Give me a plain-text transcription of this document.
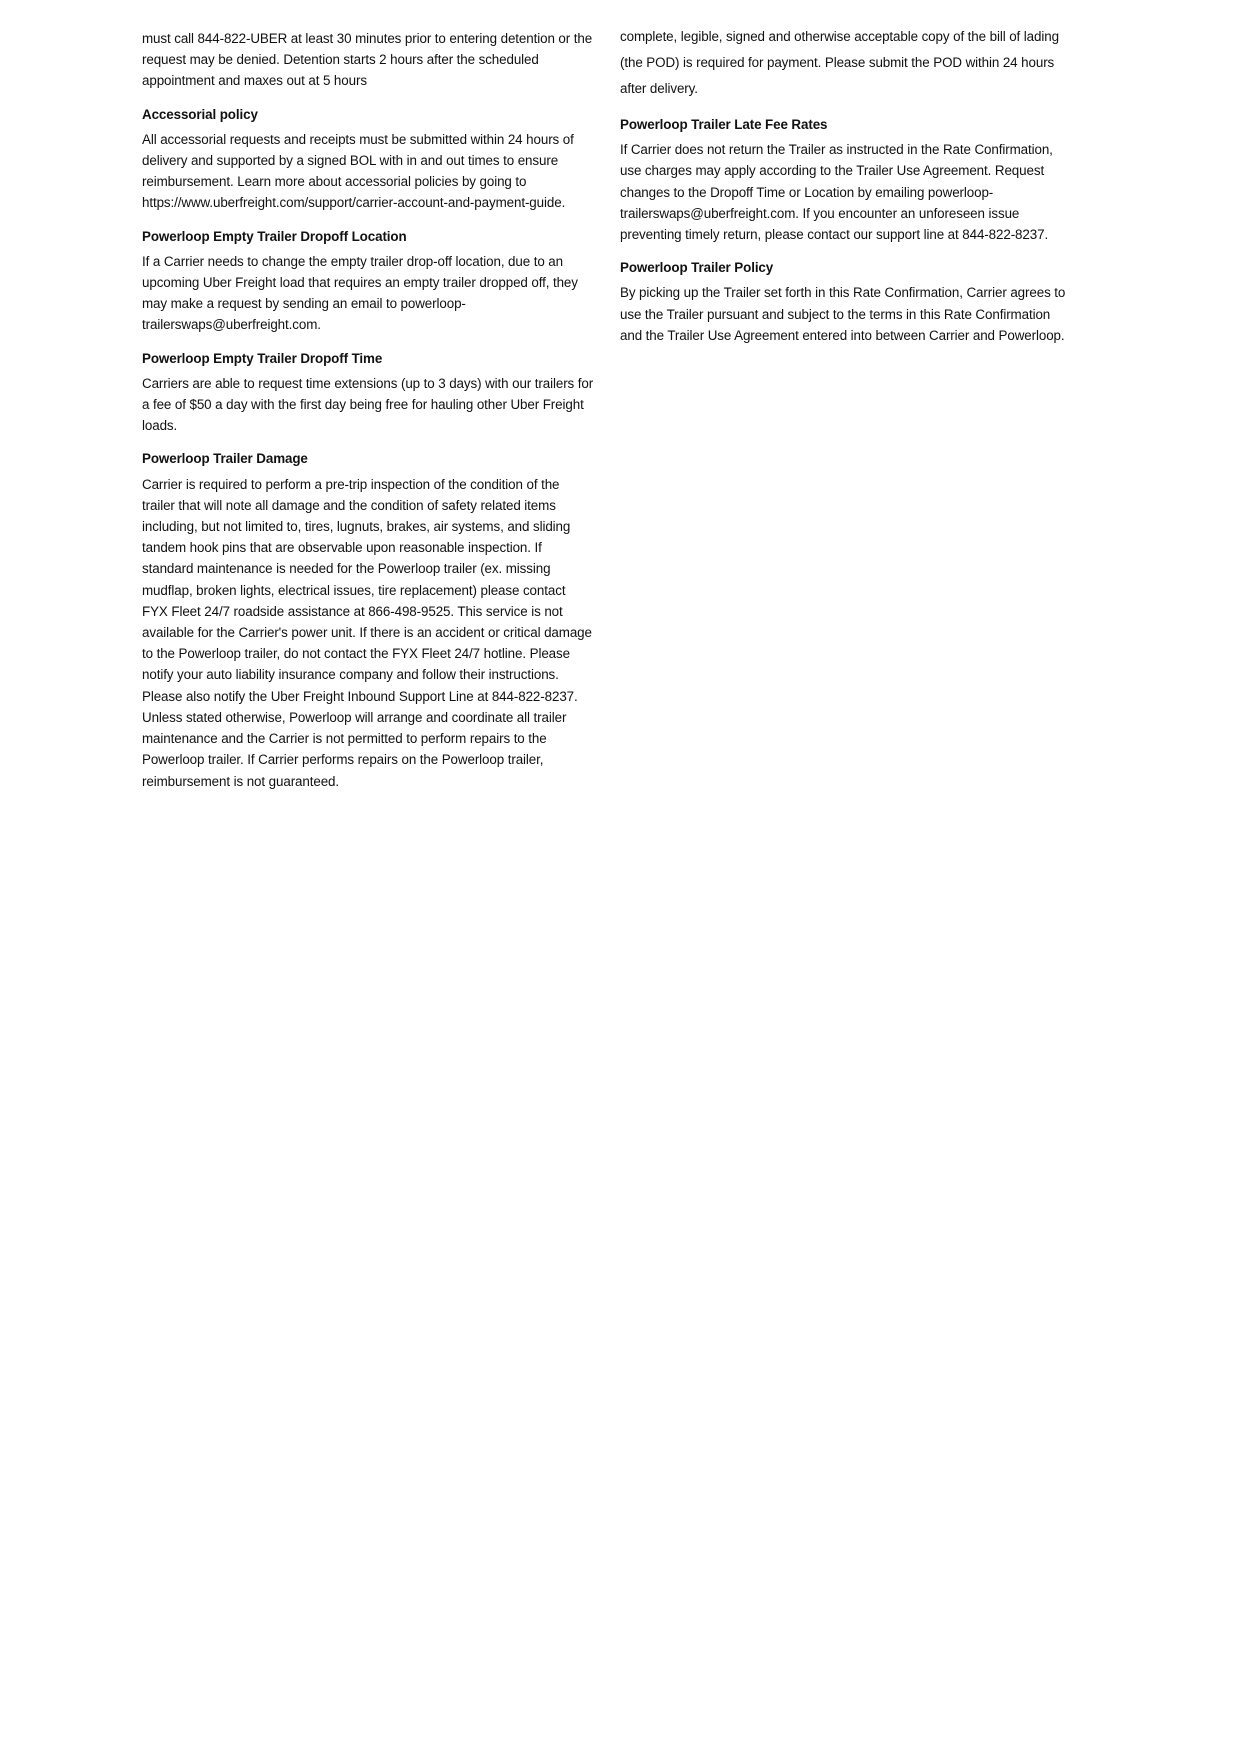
must call 844-822-UBER at least 30 minutes prior to entering detention or the request may be denied. Detention starts 2 hours after the scheduled appointment and maxes out at 5 hours

Accessorial policy

All accessorial requests and receipts must be submitted within 24 hours of delivery and supported by a signed BOL with in and out times to ensure reimbursement. Learn more about accessorial policies by going to https://www.uberfreight.com/support/carrier-account-and-payment-guide.

Powerloop Empty Trailer Dropoff Location

If a Carrier needs to change the empty trailer drop-off location, due to an upcoming Uber Freight load that requires an empty trailer dropped off, they may make a request by sending an email to powerloop-trailerswaps@uberfreight.com.

Powerloop Empty Trailer Dropoff Time

Carriers are able to request time extensions (up to 3 days) with our trailers for a fee of $50 a day with the first day being free for hauling other Uber Freight loads.

Powerloop Trailer Damage

Carrier is required to perform a pre-trip inspection of the condition of the trailer that will note all damage and the condition of safety related items including, but not limited to, tires, lugnuts, brakes, air systems, and sliding tandem hook pins that are observable upon reasonable inspection. If standard maintenance is needed for the Powerloop trailer (ex. missing mudflap, broken lights, electrical issues, tire replacement) please contact FYX Fleet 24/7 roadside assistance at 866-498-9525. This service is not available for the Carrier's power unit. If there is an accident or critical damage to the Powerloop trailer, do not contact the FYX Fleet 24/7 hotline. Please notify your auto liability insurance company and follow their instructions. Please also notify the Uber Freight Inbound Support Line at 844-822-8237. Unless stated otherwise, Powerloop will arrange and coordinate all trailer maintenance and the Carrier is not permitted to perform repairs to the Powerloop trailer. If Carrier performs repairs on the Powerloop trailer, reimbursement is not guaranteed.

complete, legible, signed and otherwise acceptable copy of the bill of lading (the POD) is required for payment. Please submit the POD within 24 hours after delivery.

Powerloop Trailer Late Fee Rates

If Carrier does not return the Trailer as instructed in the Rate Confirmation, use charges may apply according to the Trailer Use Agreement. Request changes to the Dropoff Time or Location by emailing powerloop-trailerswaps@uberfreight.com. If you encounter an unforeseen issue preventing timely return, please contact our support line at 844-822-8237.

Powerloop Trailer Policy

By picking up the Trailer set forth in this Rate Confirmation, Carrier agrees to use the Trailer pursuant and subject to the terms in this Rate Confirmation and the Trailer Use Agreement entered into between Carrier and Powerloop.
